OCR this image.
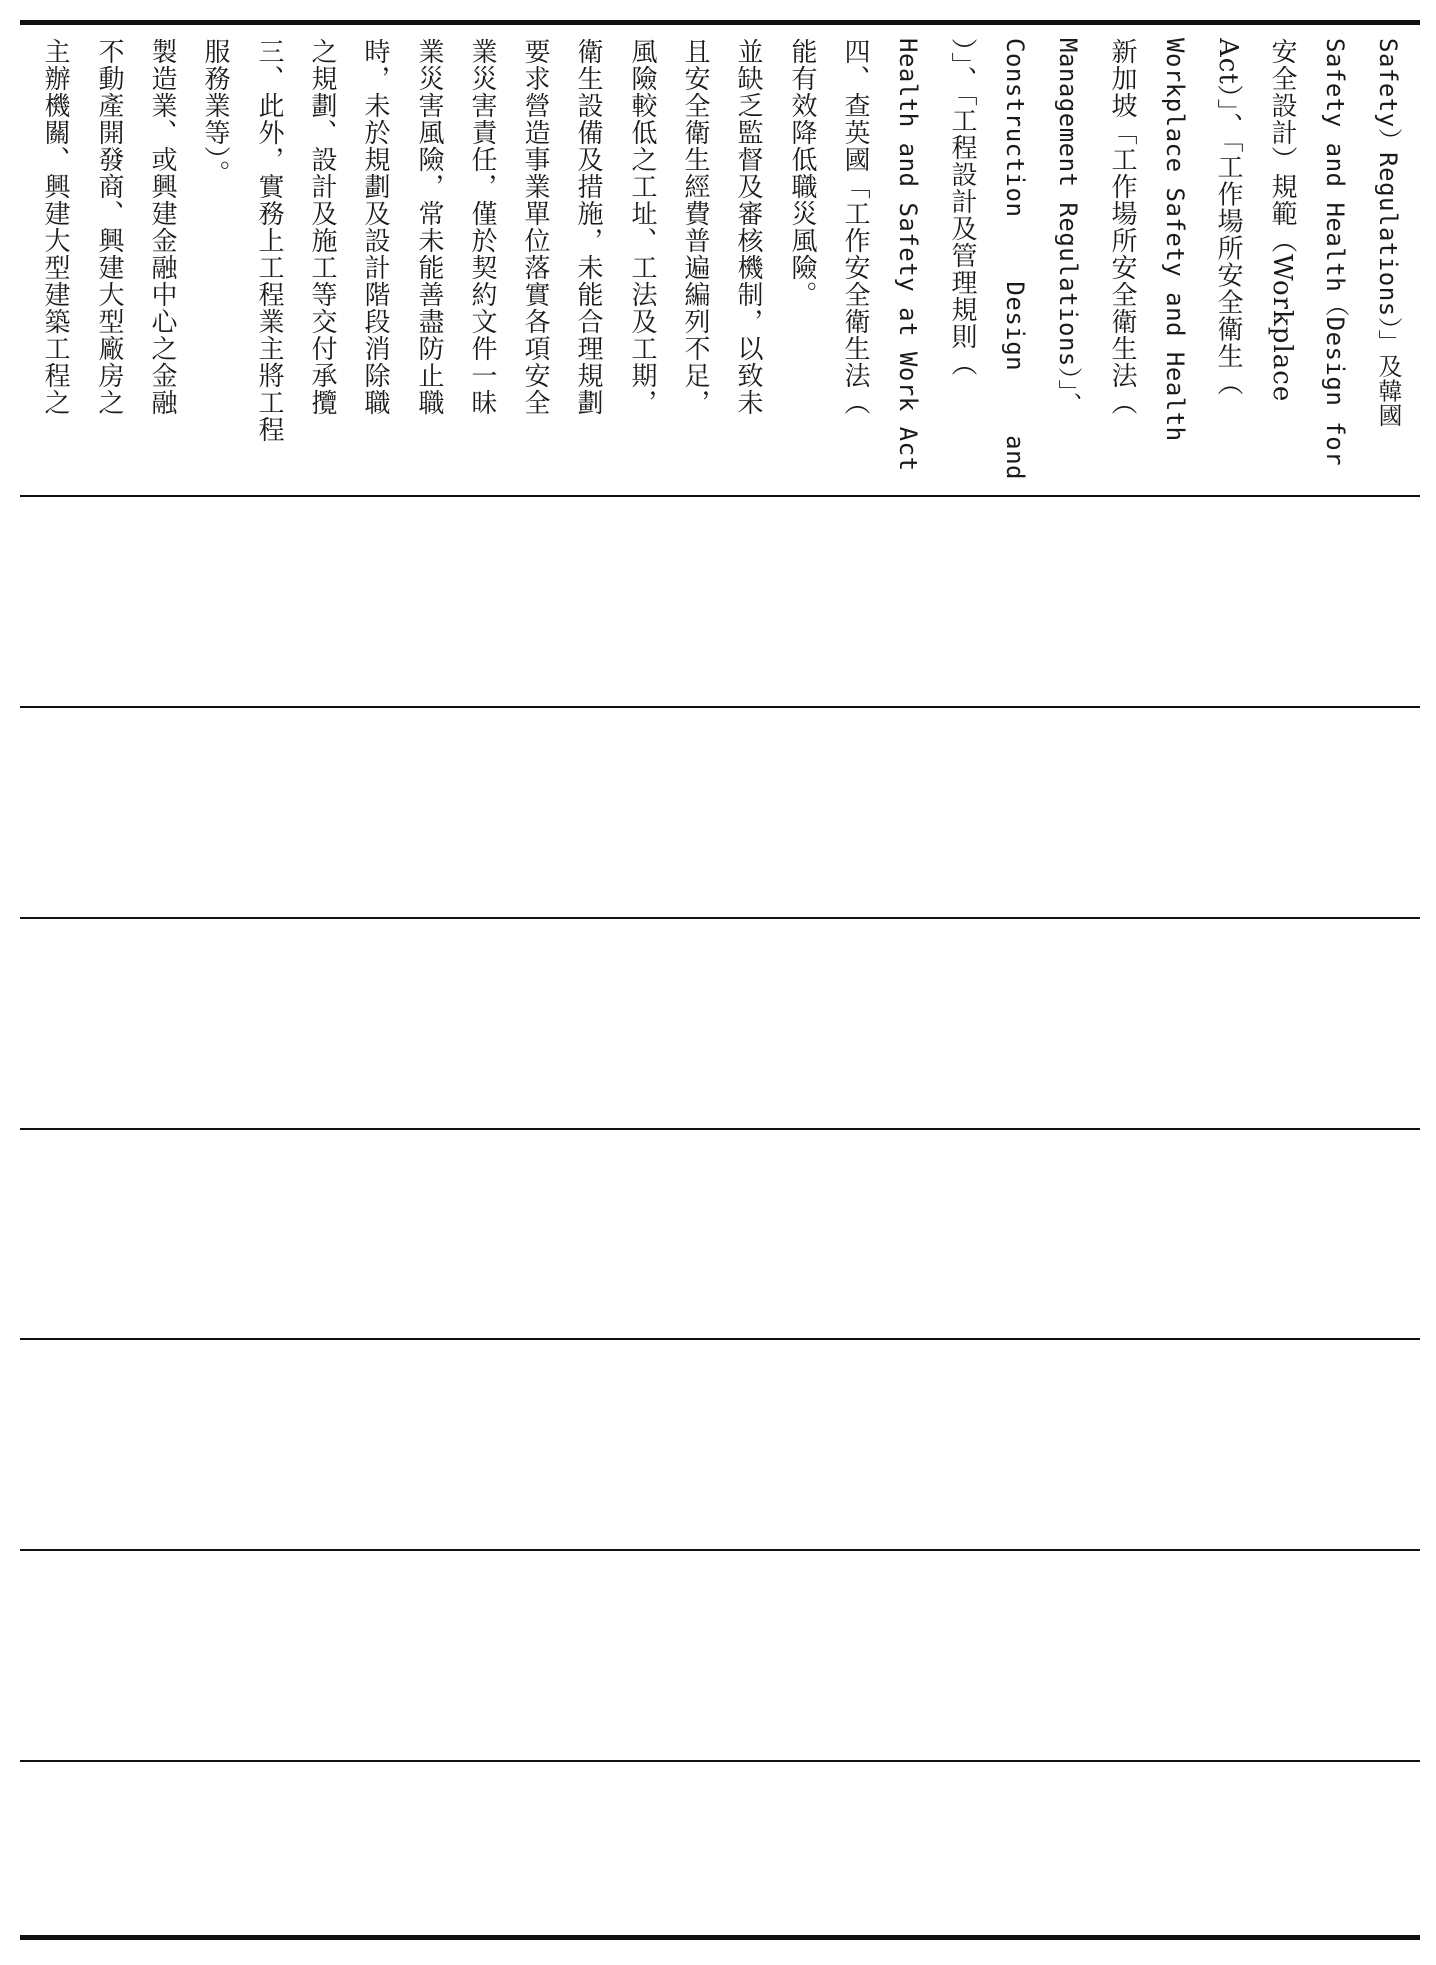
主辦機關、興建大型建築工程之 不動產開發商、興建大型廠房之 製造業、或興建金融中心之金融 服務業等）。 三、此外，實務上工程業主將工程 之規劃、設計及施工等交付承攬 時，未於規劃及設計階段消除職 業災害風險，常未能善盡防止職 業災害責任，僅於契約文件一昧 要求營造事業單位落實各項安全 衛生設備及措施，未能合理規劃 風險較低之工址、工法及工期， 且安全衛生經費普遍編列不足， 並缺乏監督及審核機制，以致未 能有效降低職災風險。 四、查英國「工作安全衛生法（	Health and Safety at Work Act ）」、「工程設計及管理規則（	Construction　 Design　 and	Management Regulations）」、 新加坡「工作場所安全衛生法（	Workplace Safety and Health Act）」、「工作場所安全衛生（ 安全設計）規範（Workplace	Safety and Health（Design for	Safety）Regulations）」及韓國
